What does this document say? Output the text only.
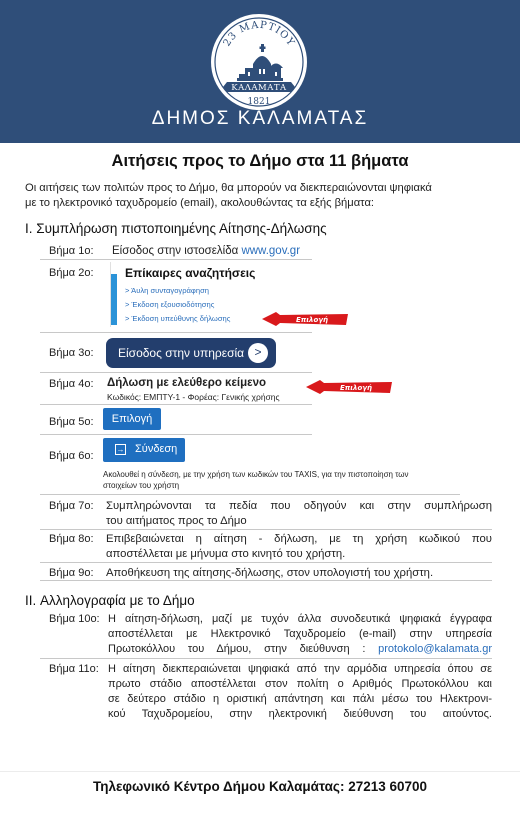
23 ΜΑΡΤΙΟΥ
ΚΑΛΑΜΑΤΑ
1821
ΔΗΜΟΣ ΚΑΛΑΜΑΤΑΣ
Αιτήσεις προς το Δήμο στα 11 βήματα
Οι αιτήσεις των πολιτών προς το Δήμο, θα μπορούν να διεκπεραιώνονται ψηφιακά
με το ηλεκτρονικό ταχυδρομείο (email), ακολουθώντας τα εξής βήματα:
I. Συμπλήρωση πιστοποιημένης Αίτησης-Δήλωσης
Βήμα 1ο: Είσοδος στην ιστοσελίδα www.gov.gr
Βήμα 2ο:	Επίκαιρες αναζητήσεις
> Άυλη συνταγογράφηση
> Έκδοση εξουσιοδότησης
> Έκδοση υπεύθυνης δήλωσης	Επιλογή
Βήμα 3ο: Είσοδος στην υπηρεσία >
Βήμα 4ο: Δήλωση με ελεύθερο κείμενο
Κωδικός: ΕΜΠΤΥ-1 - Φορέας: Γενικής χρήσης
Επιλογή
Βήμα 5ο:	Επιλογή
Βήμα 6ο:
→ Σύνδεση
Ακολουθεί η σύνδεση, με την χρήση των κωδικών του TAXIS, για την πιστοποίηση των
στοιχείων του χρήστη
Βήμα 7ο: Συμπληρώνονται τα πεδία που οδηγούν και στην συμπλήρωση
του αιτήματος προς το Δήμο
Βήμα 8ο: Επιβεβαιώνεται η αίτηση - δήλωση, με τη χρήση κωδικού που
αποστέλλεται με μήνυμα στο κινητό του χρήστη.
Βήμα 9ο: Αποθήκευση της αίτησης-δήλωσης, στον υπολογιστή του χρήστη.
II. Αλληλογραφία με το Δήμο
Βήμα 10ο: Η αίτηση-δήλωση, μαζί με τυχόν άλλα συνοδευτικά ψηφιακά έγγραφα
αποστέλλεται με Ηλεκτρονικό Ταχυδρομείο (e-mail) στην υπηρεσία
Πρωτοκόλλου του Δήμου, στην διεύθυνση : protokolo@kalamata.gr
Βήμα 11ο: Η αίτηση διεκπεραιώνεται ψηφιακά από την αρμόδια υπηρεσία όπου σε
πρωτο στάδιο αποστέλλεται στον πολίτη ο Αριθμός Πρωτοκόλλου και
σε δεύτερο στάδιο η οριστική απάντηση και πάλι μέσω του Ηλεκτρονι-
κού Ταχυδρομείου, στην ηλεκτρονική διεύθυνση του αιτούντος.
Τηλεφωνικό Κέντρο Δήμου Καλαμάτας: 27213 60700
